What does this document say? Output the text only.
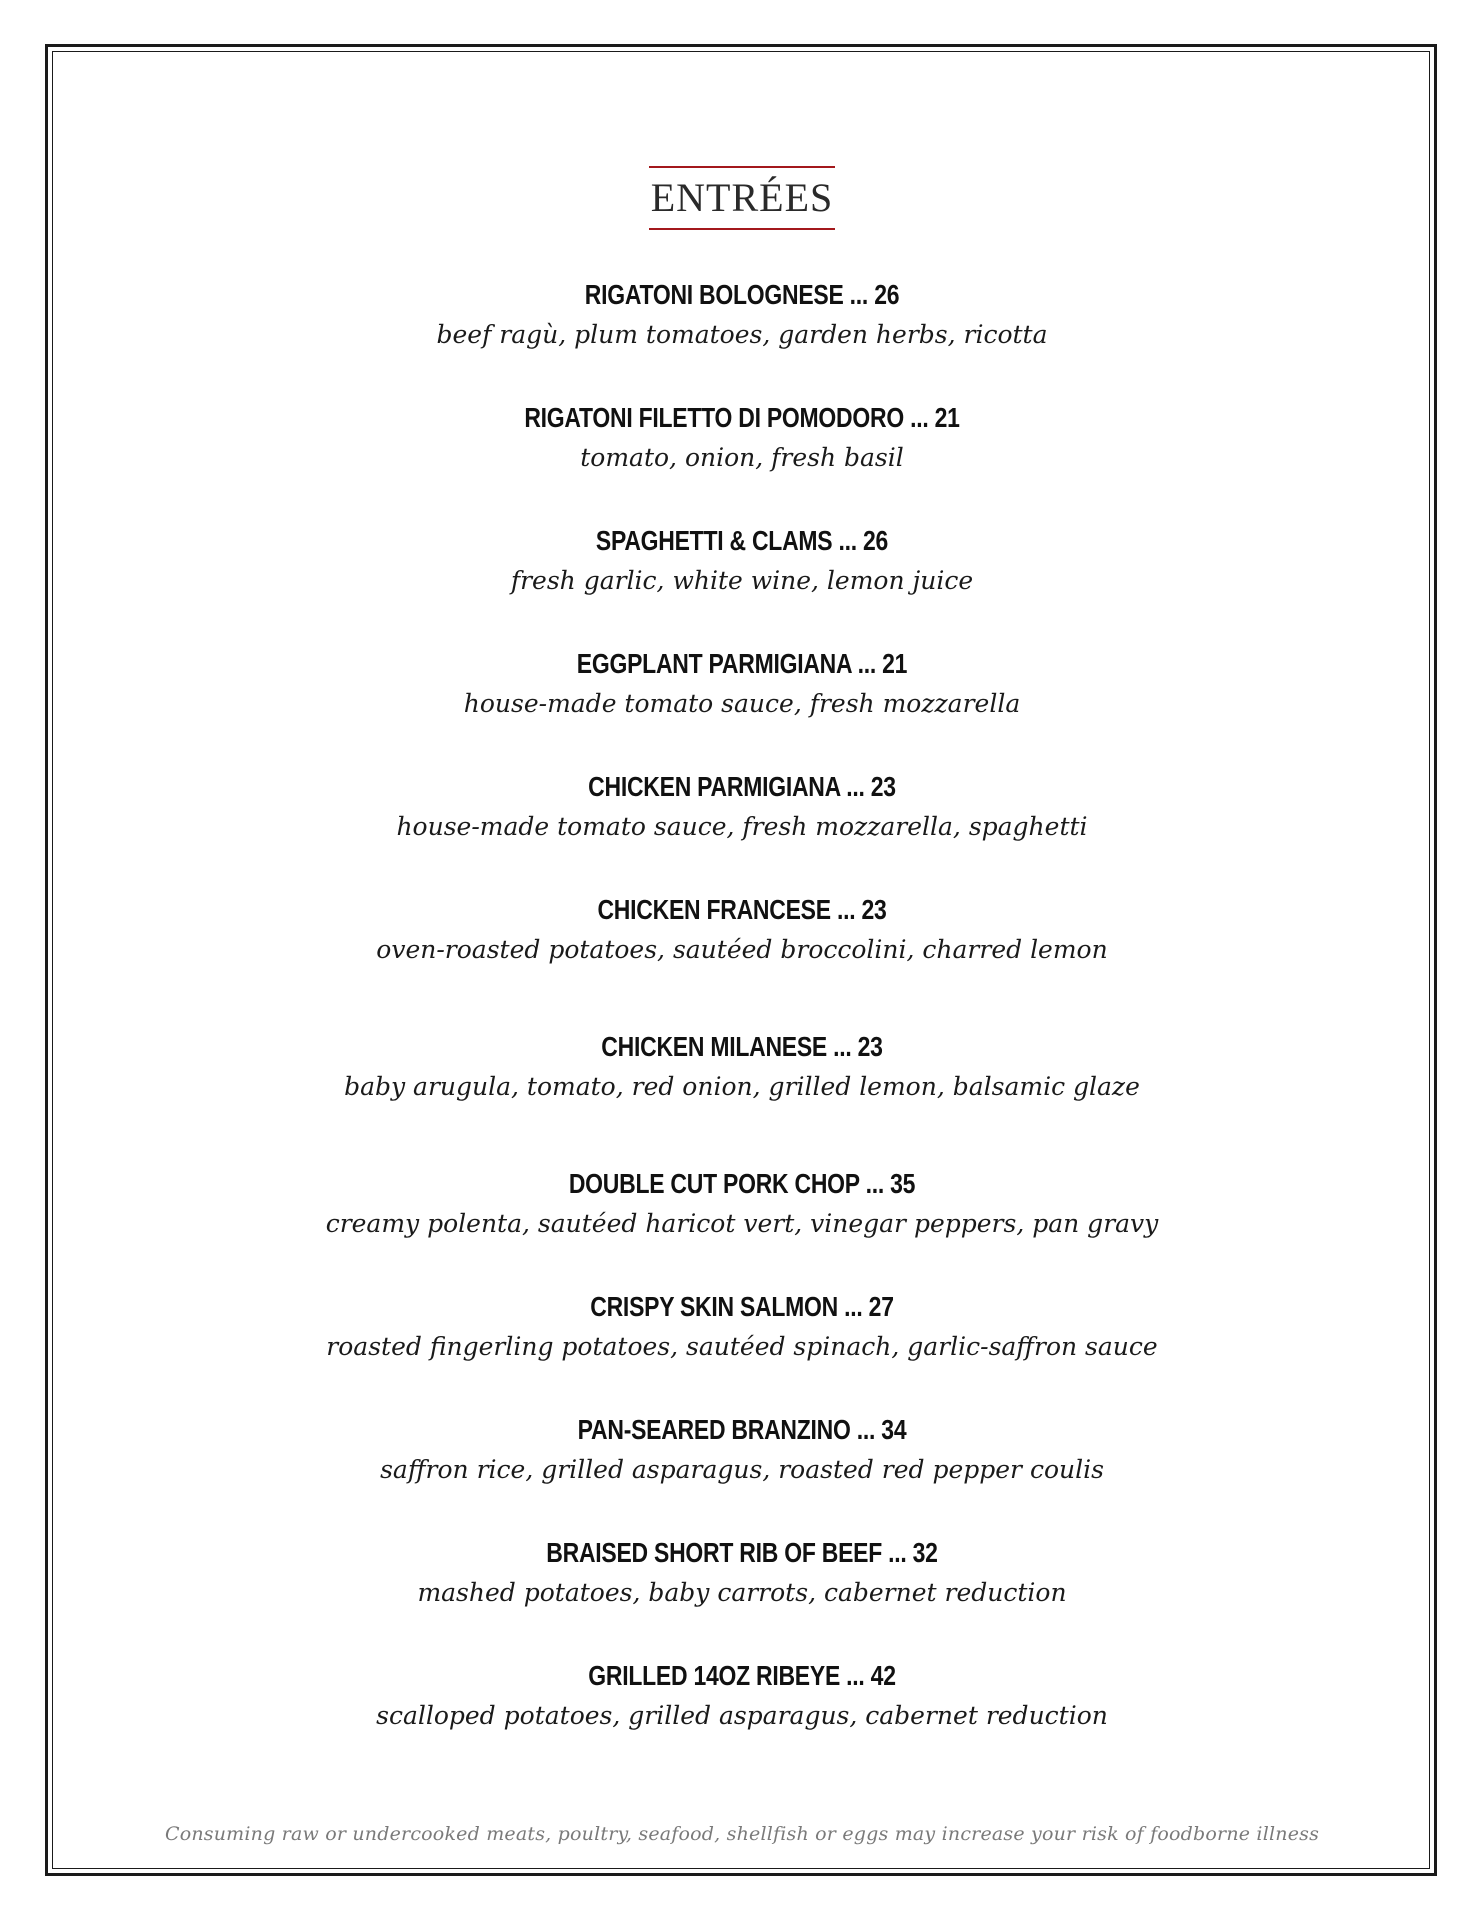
ENTRÉES
RIGATONI BOLOGNESE ... 26
beef ragù, plum tomatoes, garden herbs, ricotta
RIGATONI FILETTO DI POMODORO ... 21
tomato, onion, fresh basil
SPAGHETTI & CLAMS ... 26
fresh garlic, white wine, lemon juice
EGGPLANT PARMIGIANA ... 21
house-made tomato sauce, fresh mozzarella
CHICKEN PARMIGIANA ... 23
house-made tomato sauce, fresh mozzarella, spaghetti
CHICKEN FRANCESE ... 23
oven-roasted potatoes, sautéed broccolini, charred lemon
CHICKEN MILANESE ... 23
baby arugula, tomato, red onion, grilled lemon, balsamic glaze
DOUBLE CUT PORK CHOP ... 35
creamy polenta, sautéed haricot vert, vinegar peppers, pan gravy
CRISPY SKIN SALMON ... 27
roasted fingerling potatoes, sautéed spinach, garlic-saffron sauce
PAN-SEARED BRANZINO ... 34
saffron rice, grilled asparagus, roasted red pepper coulis
BRAISED SHORT RIB OF BEEF ... 32
mashed potatoes, baby carrots, cabernet reduction
GRILLED 14OZ RIBEYE ... 42
scalloped potatoes, grilled asparagus, cabernet reduction
Consuming raw or undercooked meats, poultry, seafood, shellfish or eggs may increase your risk of foodborne illness
